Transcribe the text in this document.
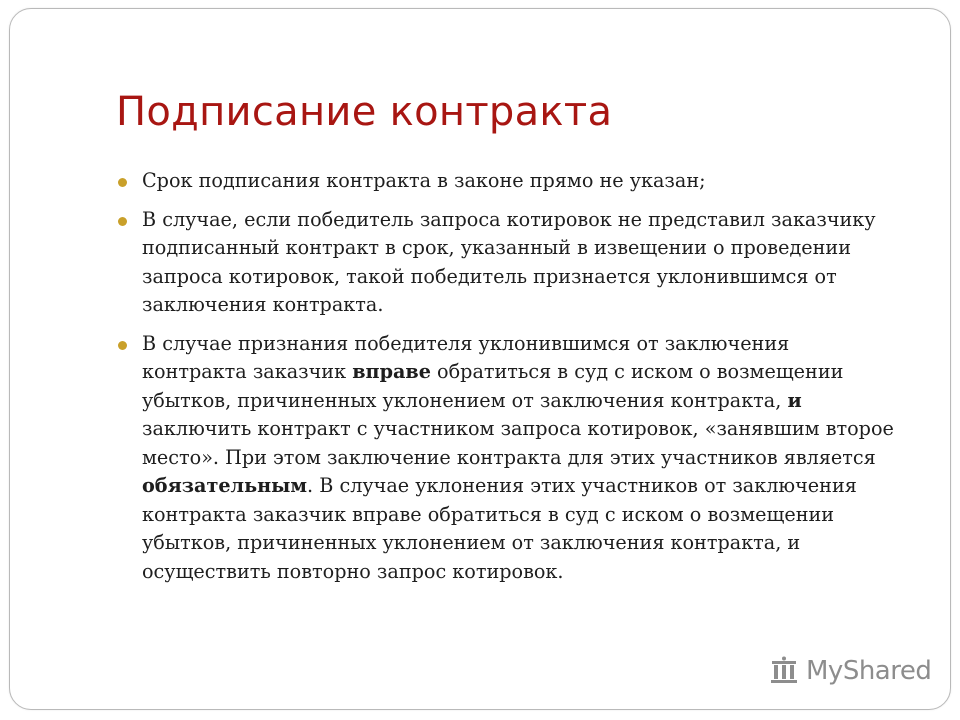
Подписание контракта
Срок подписания контракта в законе прямо не указан;
В случае, если победитель запроса котировок не представил заказчику подписанный контракт в срок, указанный в извещении о проведении запроса котировок, такой победитель признается уклонившимся от заключения контракта.
В случае признания победителя уклонившимся от заключения контракта заказчик вправе обратиться в суд с иском о возмещении убытков, причиненных уклонением от заключения контракта, и заключить контракт с участником запроса котировок, «занявшим второе место». При этом заключение контракта для этих участников является обязательным. В случае уклонения этих участников от заключения контракта заказчик вправе обратиться в суд с иском о возмещении убытков, причиненных уклонением от заключения контракта, и осуществить повторно запрос котировок.
MyShared
